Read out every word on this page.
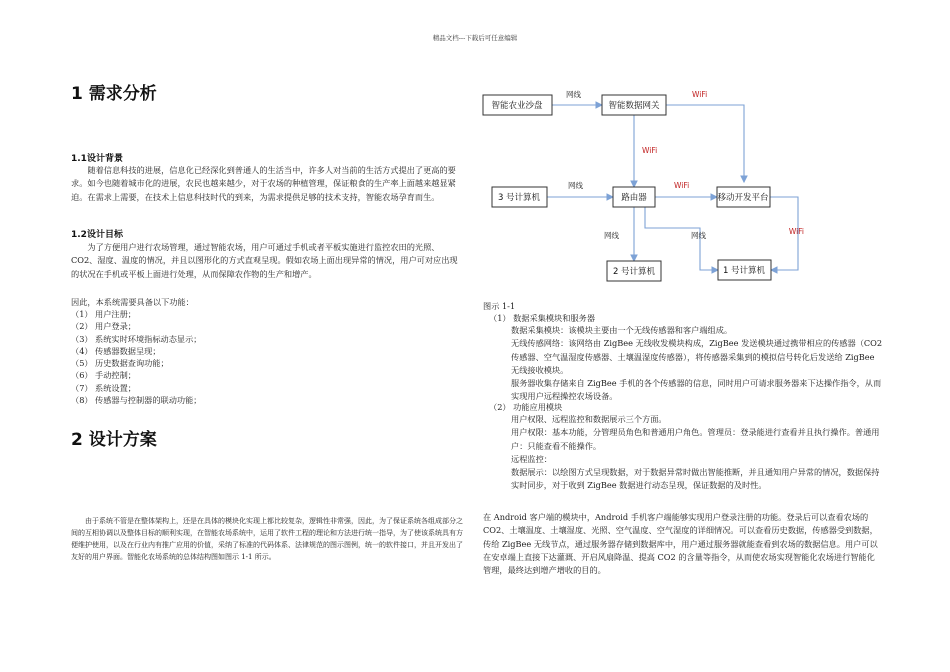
精品文档---下载后可任意编辑
1 需求分析
1.1设计背景
随着信息科技的进展，信息化已经深化到普通人的生活当中，许多人对当前的生活方式提出了更高的要求。如今也随着城市化的进展，农民也越来越少，对于农场的种植管理，保证粮食的生产率上面越来越显紧迫。在需求上需要，在技术上信息科技时代的到来，为需求提供足够的技术支持，智能农场孕育而生。
1.2设计目标
为了方便用户进行农场管理，通过智能农场，用户可通过手机或者平板实施进行监控农田的光照、CO2、湿度、温度的情况，并且以图形化的方式直观呈现。假如农场上面出现异常的情况，用户可对应出现的状况在手机或平板上面进行处理，从而保障农作物的生产和增产。
因此，本系统需要具备以下功能：
（1） 用户注册；
（2） 用户登录；
（3） 系统实时环境指标动态显示；
（4） 传感器数据呈现；
（5） 历史数据查询功能；
（6） 手动控制；
（7） 系统设置；
（8） 传感器与控制器的联动功能；
2 设计方案
由于系统不管是在整体架构上，还是在具体的模块化实现上都比较复杂，逻辑性非常强，因此，为了保证系统各组成部分之间的互相协调以及整体目标的顺利实现，在智能农场系统中，运用了软件工程的理论和方法进行统一指导，为了使该系统具有方便维护使用，以及在行业内有推广应用的价值，采纳了标准的代码体系、法律规范的图示图例，统一的软件接口，并且开发出了友好的用户界面。智能化农场系统的总体结构图如图示 1-1 所示。
智能农业沙盘	智能数据网关
3 号计算机	路由器	移动开发平台
2 号计算机	1 号计算机
网线	WiFi
WiFi
网线	WiFi
网线	网线	WiFi
图示 1-1
（1） 数据采集模块和服务器
数据采集模块：该模块主要由一个无线传感器和客户端组成。
无线传感网络：该网络由 ZigBee 无线收发模块构成，ZigBee 发送模块通过携带相应的传感器（CO2 传感器、空气温湿度传感器、土壤温湿度传感器），将传感器采集到的模拟信号转化后发送给 ZigBee 无线接收模块。
服务器收集存储来自 ZigBee 手机的各个传感器的信息，同时用户可请求服务器来下达操作指令，从而实现用户远程操控农场设备。
（2） 功能应用模块
用户权限、远程监控和数据展示三个方面。
用户权限：基本功能，分管理员角色和普通用户角色。管理员：登录能进行查看并且执行操作。普通用户：只能查看不能操作。
远程监控：
数据展示：以绘图方式呈现数据，对于数据异常时做出智能推断，并且通知用户异常的情况，数据保持实时同步，对于收到 ZigBee 数据进行动态呈现，保证数据的及时性。
在 Android 客户端的模块中，Android 手机客户端能够实现用户登录注册的功能。登录后可以查看农场的 CO2、土壤温度、土壤湿度、光照、空气温度、空气湿度的详细情况。可以查看历史数据，传感器受到数据，传给 ZigBee 无线节点，通过服务器存储到数据库中，用户通过服务器就能查看到农场的数据信息。用户可以在安卓端上直接下达灌溉、开启风扇降温、提高 CO2 的含量等指令，从而使农场实现智能化农场进行智能化管理，最终达到增产增收的目的。
